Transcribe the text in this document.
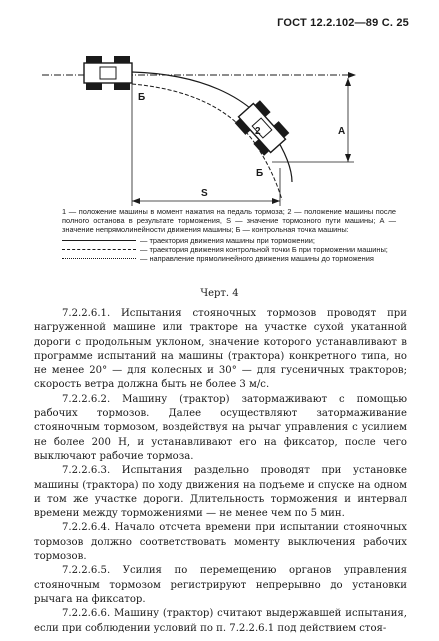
ГОСТ 12.2.102—89 С. 25
Б
Б
2	А
S

1 — положение машины в момент нажатия на педаль тормоза; 2 — положение машины после полного останова в результате торможения, S — значение тормозного пути машины; А — значение непрямолинейности движения машины; Б — контрольная точка машины:

— траектория движения машины при торможении;
— траектория движения контрольной точки Б при торможении машины;
— направление прямолинейного движения машины до торможения
Черт. 4

7.2.2.6.1. Испытания стояночных тормозов проводят при нагруженной машине или тракторе на участке сухой укатанной дороги с продольным уклоном, значение которого устанавливают в программе испытаний на машины (трактора) конкретного типа, но не менее 20° — для колесных и 30° — для гусеничных тракторов; скорость ветра должна быть не более 3 м/с.

7.2.2.6.2. Машину (трактор) затормаживают с помощью рабочих тормозов. Далее осуществляют затормаживание стояночным тормозом, воздействуя на рычаг управления с усилием не более 200 Н, и устанавливают его на фиксатор, после чего выключают рабочие тормоза.

7.2.2.6.3. Испытания раздельно проводят при установке машины (трактора) по ходу движения на подъеме и спуске на одном и том же участке дороги. Длительность торможения и интервал времени между торможениями — не менее чем по 5 мин.

7.2.2.6.4. Начало отсчета времени при испытании стояночных тормозов должно соответствовать моменту выключения рабочих тормозов.

7.2.2.6.5. Усилия по перемещению органов управления стояночным тормозом регистрируют непрерывно до установки рычага на фиксатор.

7.2.2.6.6. Машину (трактор) считают выдержавшей испытания, если при соблюдении условий по п. 7.2.2.6.1 под действием стоя-
